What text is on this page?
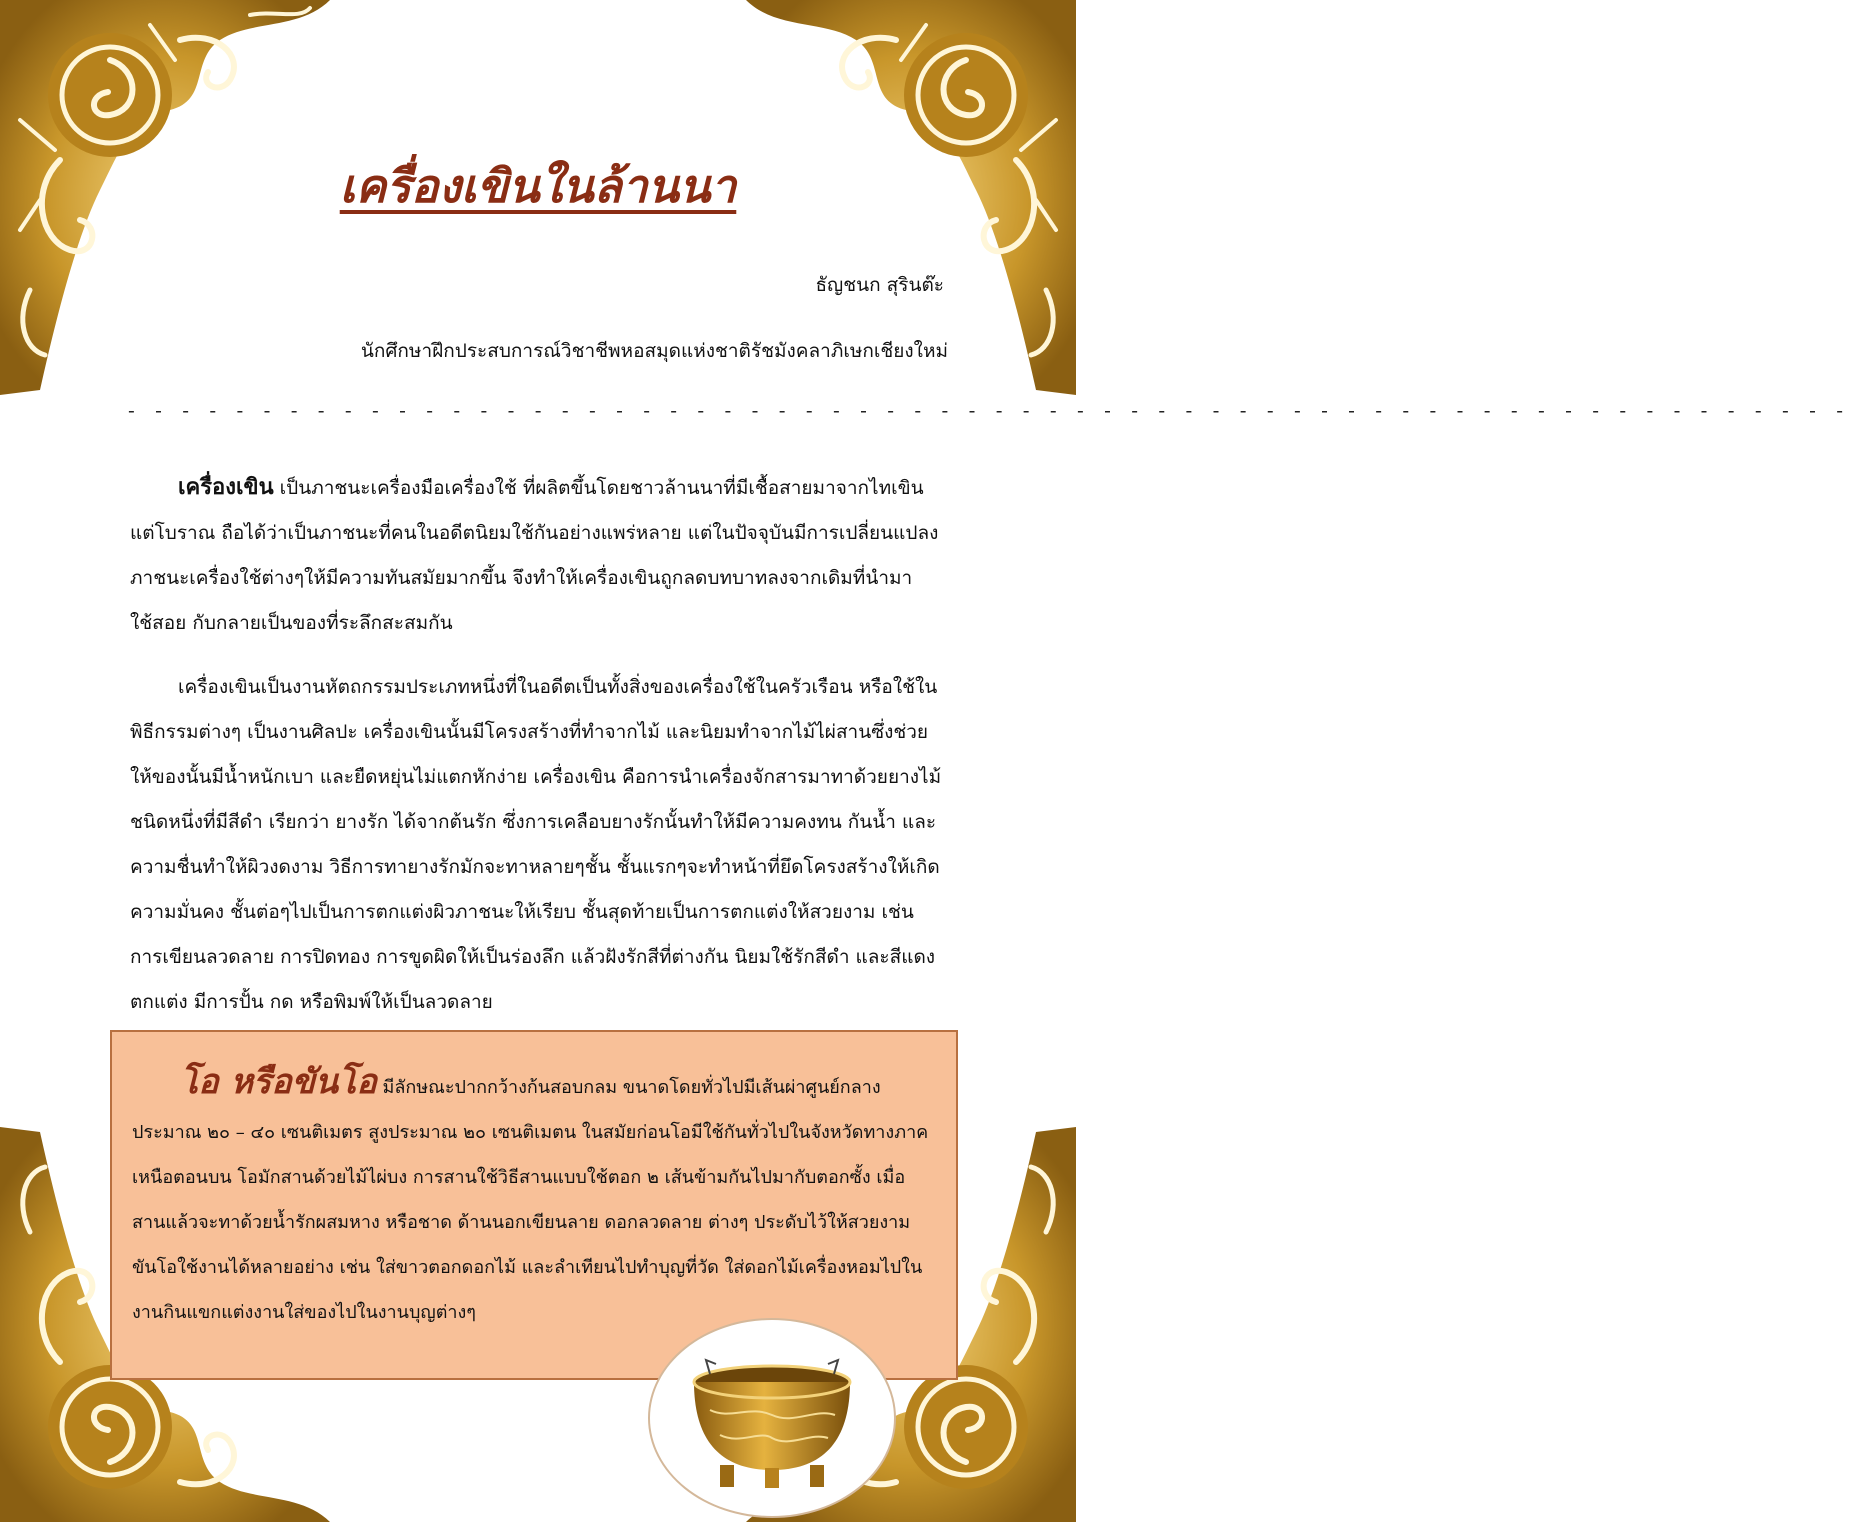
เครื่องเขินในล้านนา
ธัญชนก สุรินต๊ะ
นักศึกษาฝึกประสบการณ์วิชาชีพหอสมุดแห่งชาติรัชมังคลาภิเษกเชียงใหม่
- - - - - - - - - - - - - - - - - - - - - - - - - - - - - - - - - - - - - - - - - - - - - - - - - - - - - - - - - - - - - - - -
เครื่องเขิน เป็นภาชนะเครื่องมือเครื่องใช้ ที่ผลิตขึ้นโดยชาวล้านนาที่มีเชื้อสายมาจากไทเขินแต่โบราณ ถือได้ว่าเป็นภาชนะที่คนในอดีตนิยมใช้กันอย่างแพร่หลาย แต่ในปัจจุบันมีการเปลี่ยนแปลง ภาชนะเครื่องใช้ต่างๆให้มีความทันสมัยมากขึ้น จึงทำให้เครื่องเขินถูกลดบทบาทลงจากเดิมที่นำมาใช้สอย กับกลายเป็นของที่ระลึกสะสมกัน
เครื่องเขินเป็นงานหัตถกรรมประเภทหนึ่งที่ในอดีตเป็นทั้งสิ่งของเครื่องใช้ในครัวเรือน หรือใช้ในพิธีกรรมต่างๆ เป็นงานศิลปะ เครื่องเขินนั้นมีโครงสร้างที่ทำจากไม้ และนิยมทำจากไม้ไผ่สานซึ่งช่วยให้ของนั้นมีน้ำหนักเบา และยืดหยุ่นไม่แตกหักง่าย เครื่องเขิน คือการนำเครื่องจักสารมาทาด้วยยางไม้ชนิดหนึ่งที่มีสีดำ เรียกว่า ยางรัก ได้จากต้นรัก ซึ่งการเคลือบยางรักนั้นทำให้มีความคงทน กันน้ำ และความชื่นทำให้ผิวงดงาม วิธีการทายางรักมักจะทาหลายๆชั้น ชั้นแรกๆจะทำหน้าที่ยึดโครงสร้างให้เกิดความมั่นคง ชั้นต่อๆไปเป็นการตกแต่งผิวภาชนะให้เรียบ ชั้นสุดท้ายเป็นการตกแต่งให้สวยงาม เช่น การเขียนลวดลาย การปิดทอง การขูดผิดให้เป็นร่องลึก แล้วฝังรักสีที่ต่างกัน นิยมใช้รักสีดำ และสีแดงตกแต่ง มีการปั้น กด หรือพิมพ์ให้เป็นลวดลาย
โอ หรือขันโอ มีลักษณะปากกว้างก้นสอบกลม ขนาดโดยทั่วไปมีเส้นผ่าศูนย์กลางประมาณ ๒๐ – ๔๐ เซนติเมตร สูงประมาณ ๒๐ เซนติเมตน ในสมัยก่อนโอมีใช้กันทั่วไปในจังหวัดทางภาคเหนือตอนบน โอมักสานด้วยไม้ไผ่บง การสานใช้วิธีสานแบบใช้ตอก ๒ เส้นข้ามกันไปมากับตอกซั้ง เมื่อสานแล้วจะทาด้วยน้ำรักผสมหาง หรือชาด ด้านนอกเขียนลาย ดอกลวดลาย ต่างๆ ประดับไว้ให้สวยงาม ขันโอใช้งานได้หลายอย่าง เช่น ใส่ขาวตอกดอกไม้ และลำเทียนไปทำบุญที่วัด ใส่ดอกไม้เครื่องหอมไปในงานกินแขกแต่งงานใส่ของไปในงานบุญต่างๆ
